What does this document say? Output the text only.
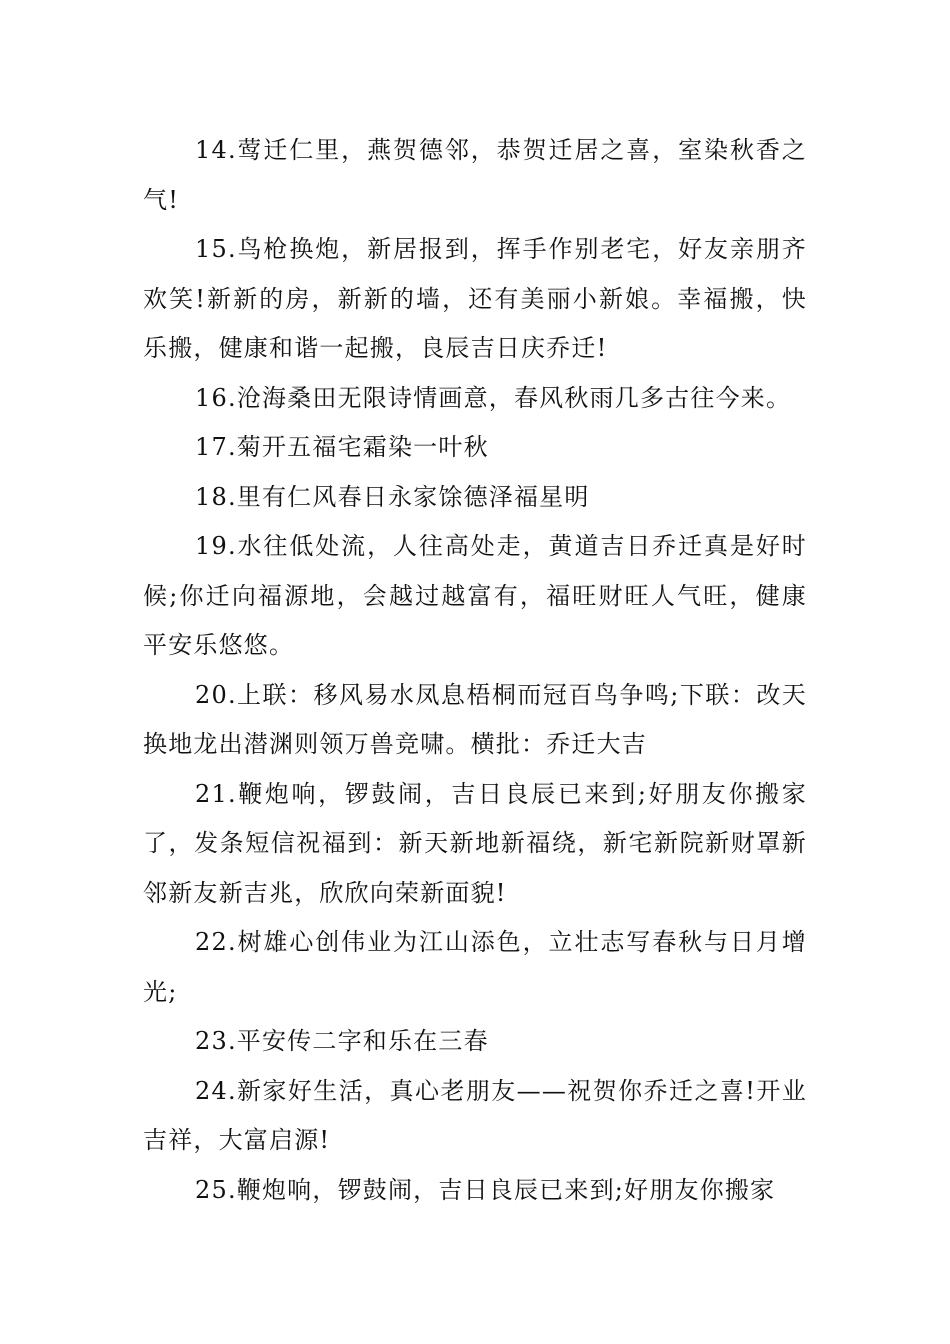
14.莺迁仁里，燕贺德邻，恭贺迁居之喜，室染秋香之气!

15.鸟枪换炮，新居报到，挥手作别老宅，好友亲朋齐欢笑!新新的房，新新的墙，还有美丽小新娘。幸福搬，快乐搬，健康和谐一起搬，良辰吉日庆乔迁!

16.沧海桑田无限诗情画意，春风秋雨几多古往今来。

17.菊开五福宅霜染一叶秋

18.里有仁风春日永家馀德泽福星明

19.水往低处流，人往高处走，黄道吉日乔迁真是好时候;你迁向福源地，会越过越富有，福旺财旺人气旺，健康平安乐悠悠。

20.上联：移风易水凤息梧桐而冠百鸟争鸣;下联：改天换地龙出潜渊则领万兽竞啸。横批：乔迁大吉

21.鞭炮响，锣鼓闹，吉日良辰已来到;好朋友你搬家了，发条短信祝福到：新天新地新福绕，新宅新院新财罩新邻新友新吉兆，欣欣向荣新面貌!

22.树雄心创伟业为江山添色，立壮志写春秋与日月增光;

23.平安传二字和乐在三春

24.新家好生活，真心老朋友——祝贺你乔迁之喜!开业吉祥，大富启源!

25.鞭炮响，锣鼓闹，吉日良辰已来到;好朋友你搬家
